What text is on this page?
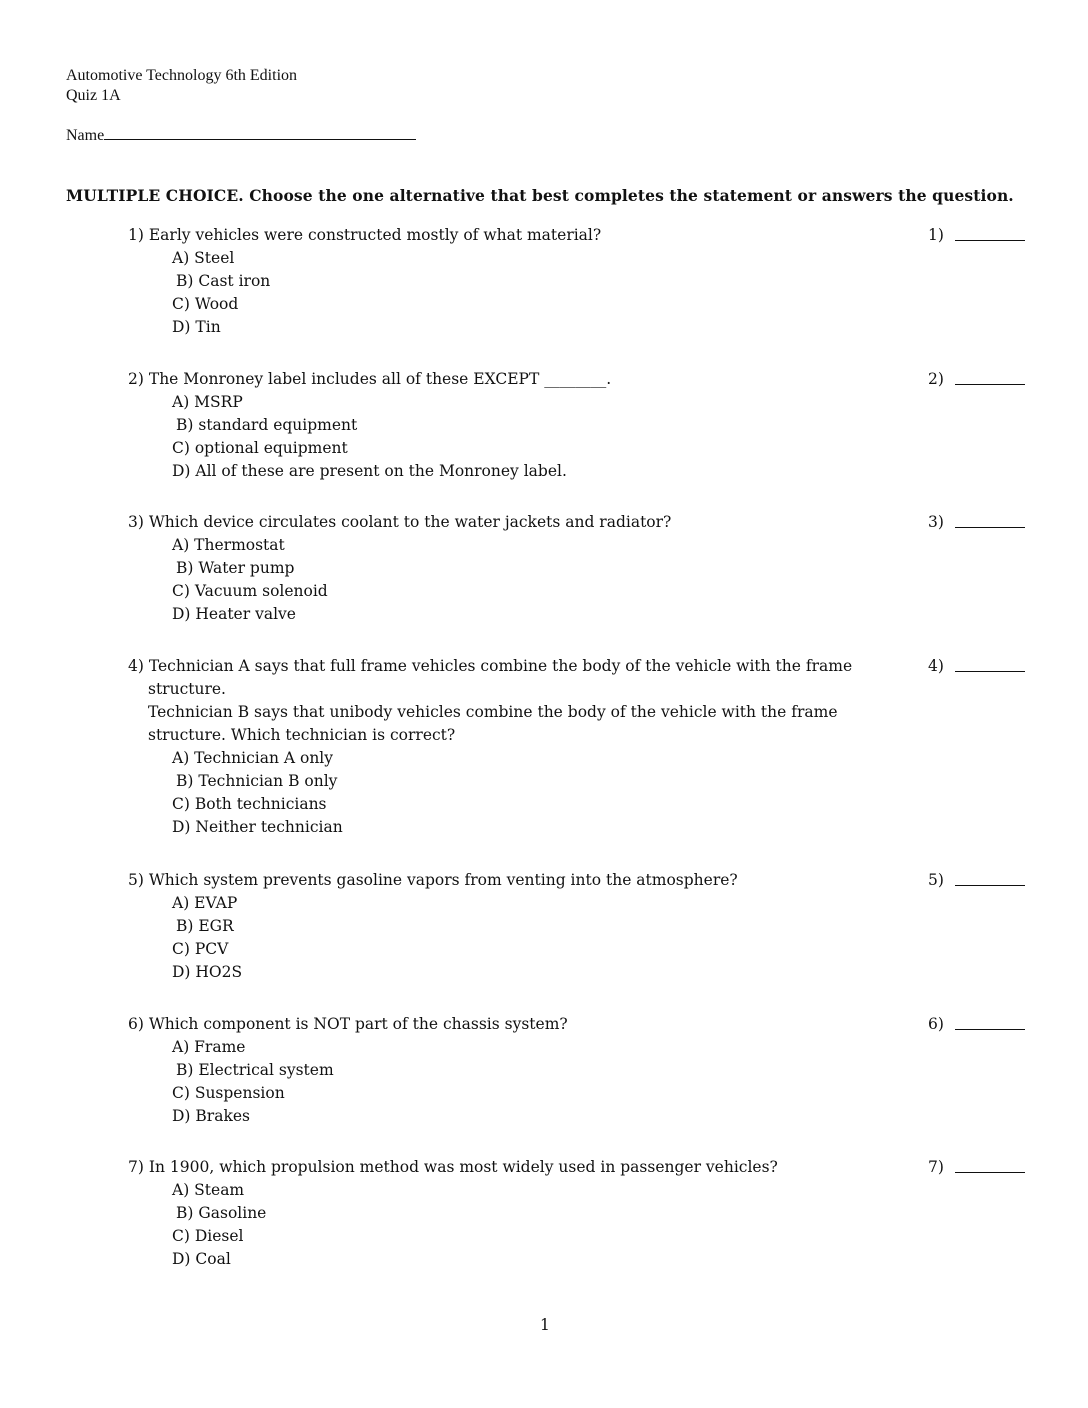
Automotive Technology 6th Edition
Quiz 1A
Name
MULTIPLE CHOICE. Choose the one alternative that best completes the statement or answers the question.
1) Early vehicles were constructed mostly of what material?
A) Steel
B) Cast iron
C) Wood
D) Tin
1)
2) The Monroney label includes all of these EXCEPT ________.
A) MSRP
B) standard equipment
C) optional equipment
D) All of these are present on the Monroney label.
2)
3) Which device circulates coolant to the water jackets and radiator?
A) Thermostat
B) Water pump
C) Vacuum solenoid
D) Heater valve
3)
4) Technician A says that full frame vehicles combine the body of the vehicle with the frame
structure.
Technician B says that unibody vehicles combine the body of the vehicle with the frame
structure. Which technician is correct?
A) Technician A only
B) Technician B only
C) Both technicians
D) Neither technician
4)
5) Which system prevents gasoline vapors from venting into the atmosphere?
A) EVAP
B) EGR
C) PCV
D) HO2S
5)
6) Which component is NOT part of the chassis system?
A) Frame
B) Electrical system
C) Suspension
D) Brakes
6)
7) In 1900, which propulsion method was most widely used in passenger vehicles?
A) Steam
B) Gasoline
C) Diesel
D) Coal
7)
1
